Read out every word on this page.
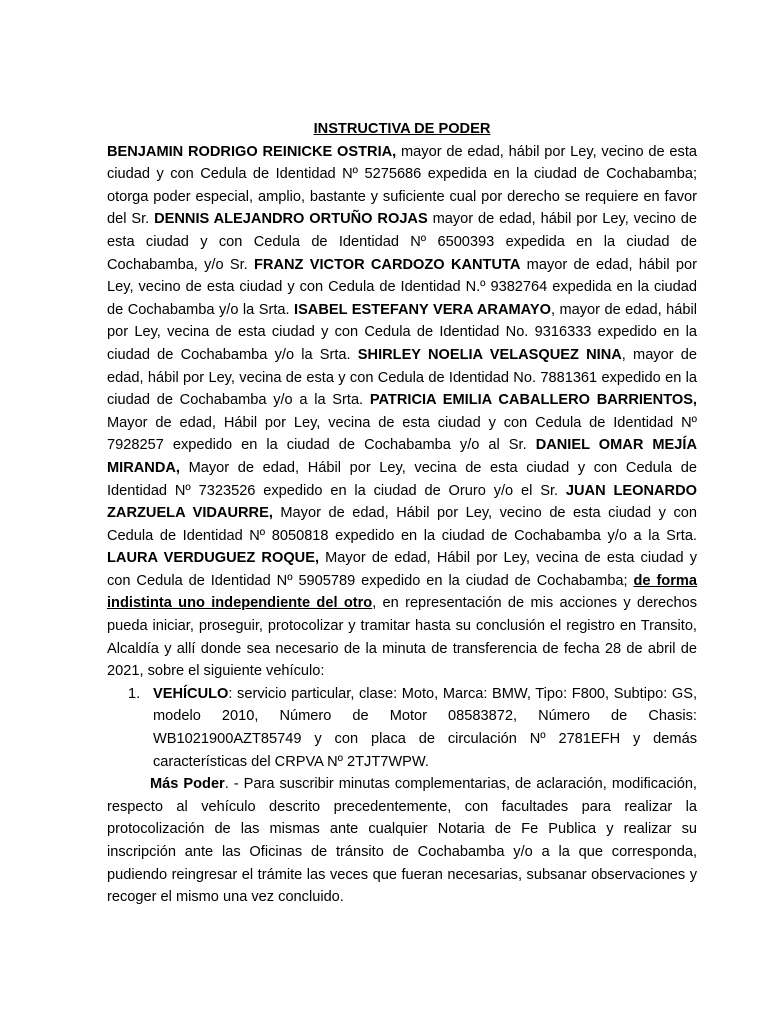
INSTRUCTIVA DE PODER

BENJAMIN RODRIGO REINICKE OSTRIA, mayor de edad, hábil por Ley, vecino de esta ciudad y con Cedula de Identidad Nº 5275686 expedida en la ciudad de Cochabamba; otorga poder especial, amplio, bastante y suficiente cual por derecho se requiere en favor del Sr. DENNIS ALEJANDRO ORTUÑO ROJAS mayor de edad, hábil por Ley, vecino de esta ciudad y con Cedula de Identidad Nº 6500393 expedida en la ciudad de Cochabamba, y/o Sr. FRANZ VICTOR CARDOZO KANTUTA mayor de edad, hábil por Ley, vecino de esta ciudad y con Cedula de Identidad N.º 9382764 expedida en la ciudad de Cochabamba y/o la Srta. ISABEL ESTEFANY VERA ARAMAYO, mayor de edad, hábil por Ley, vecina de esta ciudad y con Cedula de Identidad No. 9316333 expedido en la ciudad de Cochabamba y/o la Srta. SHIRLEY NOELIA VELASQUEZ NINA, mayor de edad, hábil por Ley, vecina de esta y con Cedula de Identidad No. 7881361 expedido en la ciudad de Cochabamba y/o a la Srta. PATRICIA EMILIA CABALLERO BARRIENTOS, Mayor de edad, Hábil por Ley, vecina de esta ciudad y con Cedula de Identidad Nº 7928257 expedido en la ciudad de Cochabamba y/o al Sr. DANIEL OMAR MEJÍA MIRANDA, Mayor de edad, Hábil por Ley, vecina de esta ciudad y con Cedula de Identidad Nº 7323526 expedido en la ciudad de Oruro y/o el Sr. JUAN LEONARDO ZARZUELA VIDAURRE, Mayor de edad, Hábil por Ley, vecino de esta ciudad y con Cedula de Identidad Nº 8050818 expedido en la ciudad de Cochabamba y/o a la Srta. LAURA VERDUGUEZ ROQUE, Mayor de edad, Hábil por Ley, vecina de esta ciudad y con Cedula de Identidad Nº 5905789 expedido en la ciudad de Cochabamba; de forma indistinta uno independiente del otro, en representación de mis acciones y derechos pueda iniciar, proseguir, protocolizar y tramitar hasta su conclusión el registro en Transito, Alcaldía y allí donde sea necesario de la minuta de transferencia de fecha 28 de abril de 2021, sobre el siguiente vehículo:

1. VEHÍCULO: servicio particular, clase: Moto, Marca: BMW, Tipo: F800, Subtipo: GS, modelo 2010, Número de Motor 08583872, Número de Chasis: WB1021900AZT85749 y con placa de circulación Nº 2781EFH y demás características del CRPVA Nº 2TJT7WPW.

Más Poder. - Para suscribir minutas complementarias, de aclaración, modificación, respecto al vehículo descrito precedentemente, con facultades para realizar la protocolización de las mismas ante cualquier Notaria de Fe Publica y realizar su inscripción ante las Oficinas de tránsito de Cochabamba y/o a la que corresponda, pudiendo reingresar el trámite las veces que fueran necesarias, subsanar observaciones y recoger el mismo una vez concluido.
